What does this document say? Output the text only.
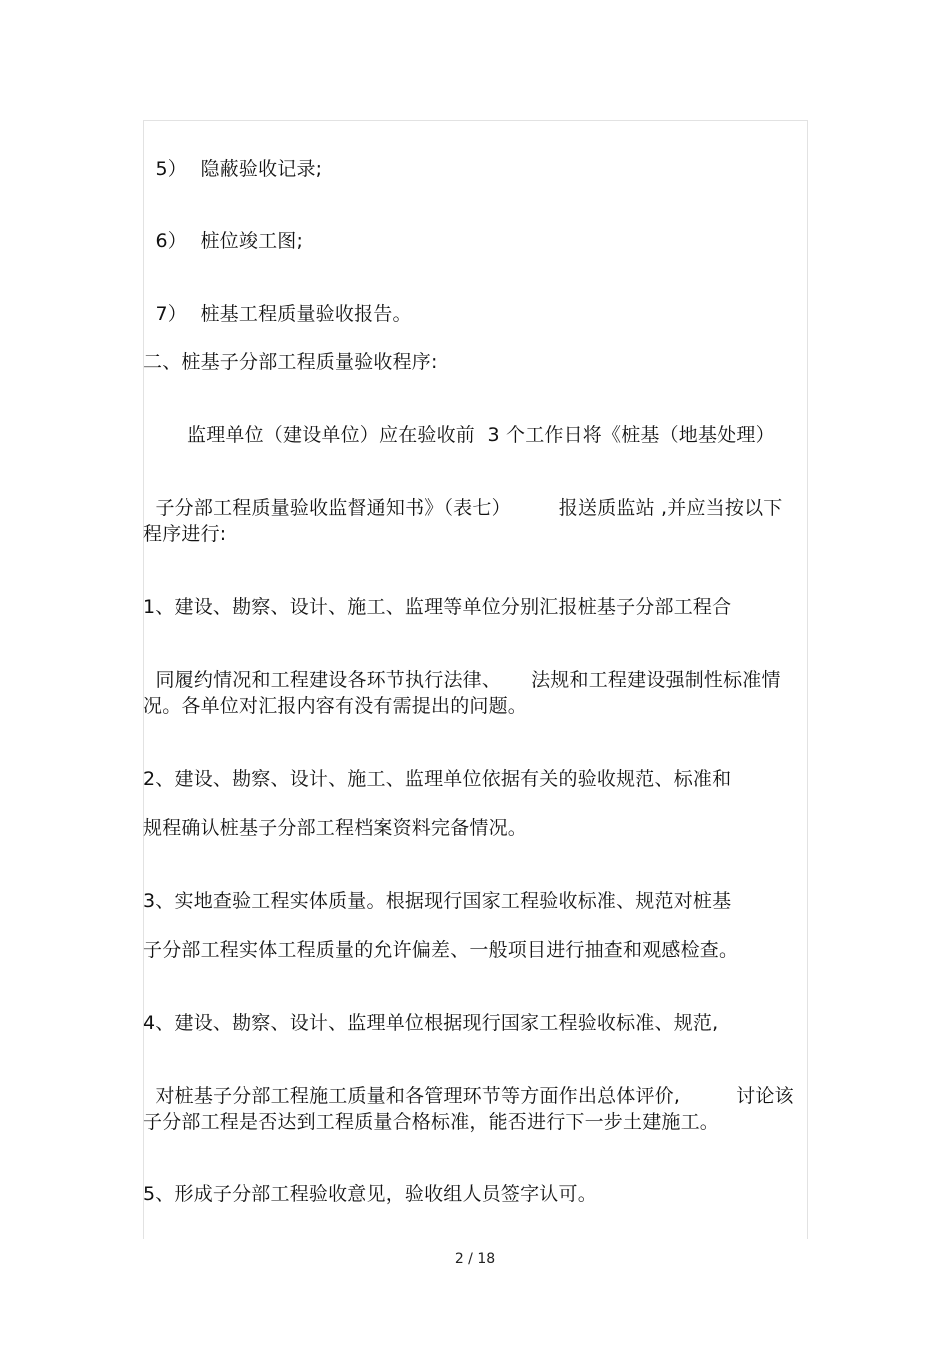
5） 隐蔽验收记录;

6） 桩位竣工图;

7） 桩基工程质量验收报告。

二、桩基子分部工程质量验收程序:
监理单位（建设单位）应在验收前  3 个工作日将《桩基（地基处理）

子分部工程质量验收监督通知书》（表七）	报送质监站 ,并应当按以下

程序进行:
1、建设、勘察、设计、施工、监理等单位分别汇报桩基子分部工程合

同履约情况和工程建设各环节执行法律、 法规和工程建设强制性标准情

况。各单位对汇报内容有没有需提出的问题。
2、建设、勘察、设计、施工、监理单位依据有关的验收规范、标准和
规程确认桩基子分部工程档案资料完备情况。
3、实地查验工程实体质量。根据现行国家工程验收标准、规范对桩基
子分部工程实体工程质量的允许偏差、一般项目进行抽查和观感检查。
4、建设、勘察、设计、监理单位根据现行国家工程验收标准、规范,

对桩基子分部工程施工质量和各管理环节等方面作出总体评价,	讨论该

子分部工程是否达到工程质量合格标准，能否进行下一步土建施工。
5、形成子分部工程验收意见，验收组人员签字认可。
2 / 18
